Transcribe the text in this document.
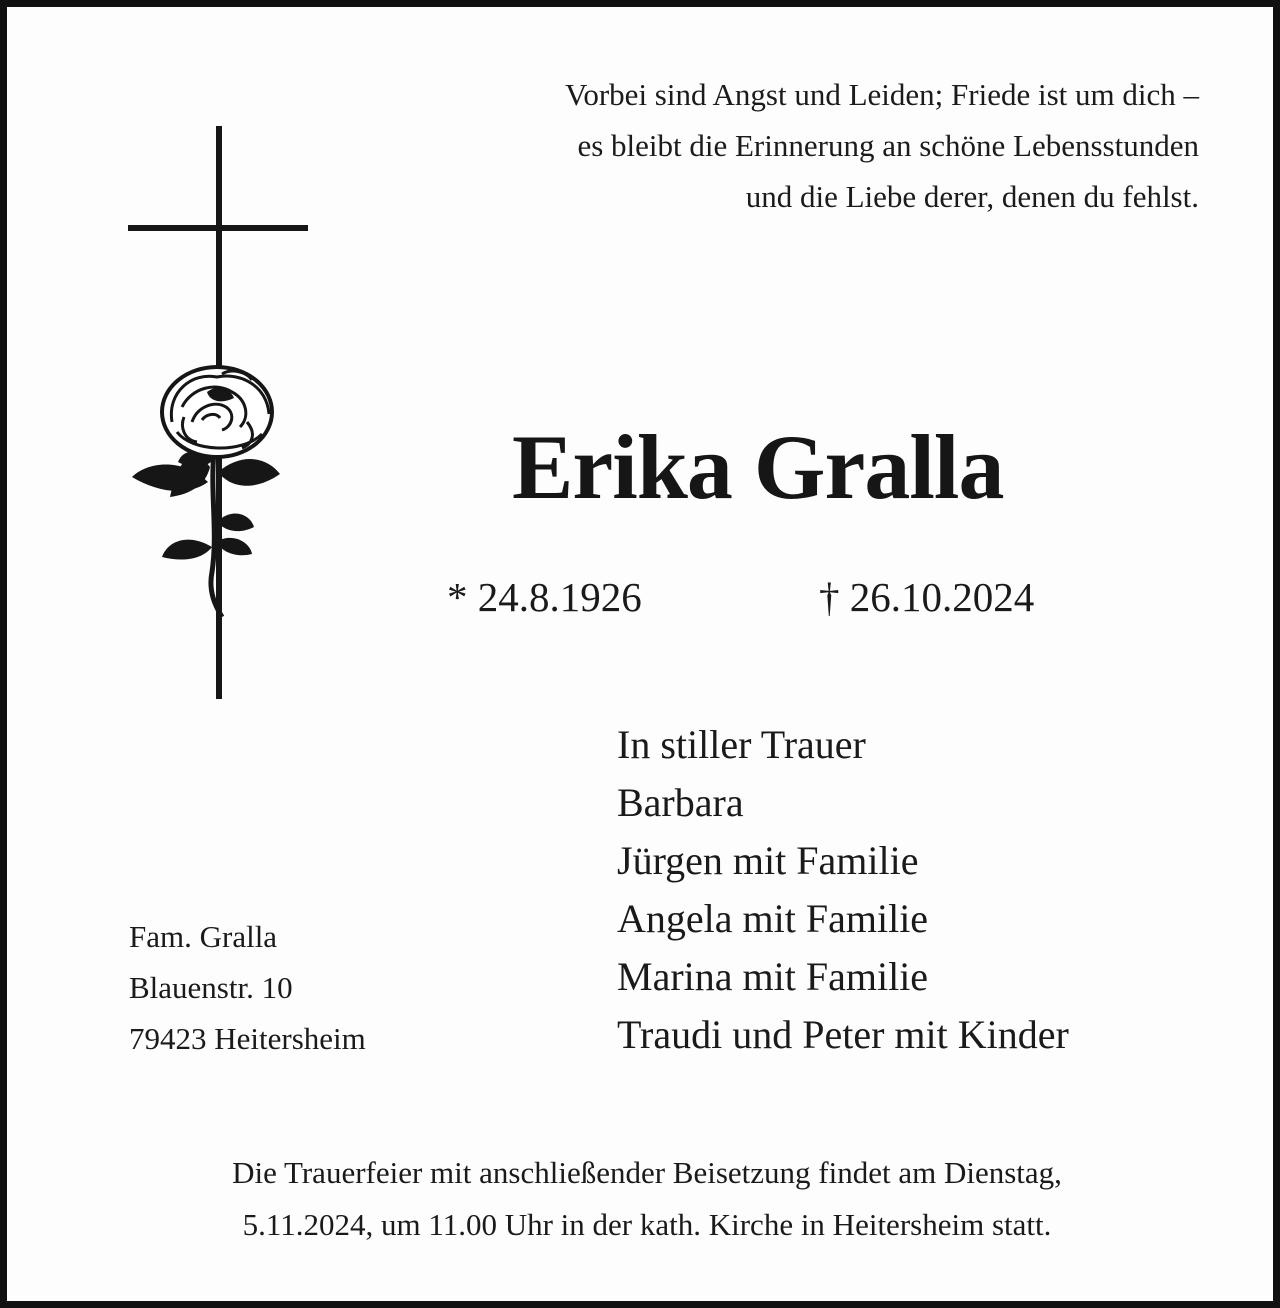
Vorbei sind Angst und Leiden; Friede ist um dich –
es bleibt die Erinnerung an schöne Lebensstunden
und die Liebe derer, denen du fehlst.
Erika Gralla
* 24.8.1926	† 26.10.2024
In stiller Trauer
Barbara
Jürgen mit Familie
Angela mit Familie
Marina mit Familie
Traudi und Peter mit Kinder
Fam. Gralla
Blauenstr. 10
79423 Heitersheim
Die Trauerfeier mit anschließender Beisetzung findet am Dienstag,
5.11.2024, um 11.00 Uhr in der kath. Kirche in Heitersheim statt.
